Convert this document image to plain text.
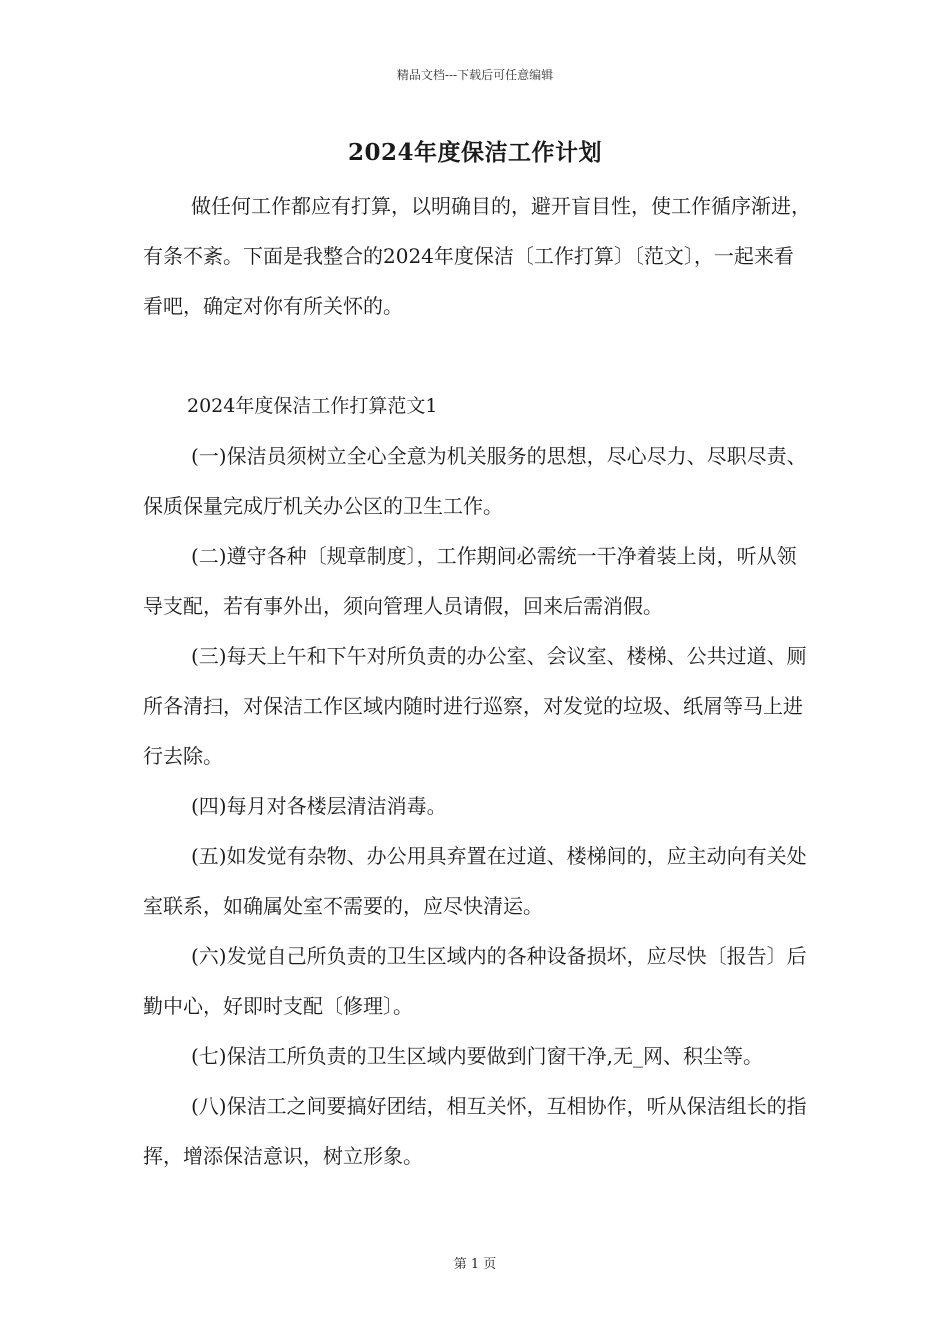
精品文档---下载后可任意编辑
2024年度保洁工作计划

做任何工作都应有打算，以明确目的，避开盲目性，使工作循序渐进，有条不紊。下面是我整合的2024年度保洁〔工作打算〕〔范文〕，一起来看看吧，确定对你有所关怀的。

2024年度保洁工作打算范文1

(一)保洁员须树立全心全意为机关服务的思想，尽心尽力、尽职尽责、保质保量完成厅机关办公区的卫生工作。

(二)遵守各种〔规章制度〕，工作期间必需统一干净着装上岗，听从领导支配，若有事外出，须向管理人员请假，回来后需消假。

(三)每天上午和下午对所负责的办公室、会议室、楼梯、公共过道、厕所各清扫，对保洁工作区域内随时进行巡察，对发觉的垃圾、纸屑等马上进行去除。

(四)每月对各楼层清洁消毒。

(五)如发觉有杂物、办公用具弃置在过道、楼梯间的，应主动向有关处室联系，如确属处室不需要的，应尽快清运。

(六)发觉自己所负责的卫生区域内的各种设备损坏，应尽快〔报告〕后勤中心，好即时支配〔修理〕。

(七)保洁工所负责的卫生区域内要做到门窗干净,无_网、积尘等。

(八)保洁工之间要搞好团结，相互关怀，互相协作，听从保洁组长的指挥，增添保洁意识，树立形象。

第 1 页
